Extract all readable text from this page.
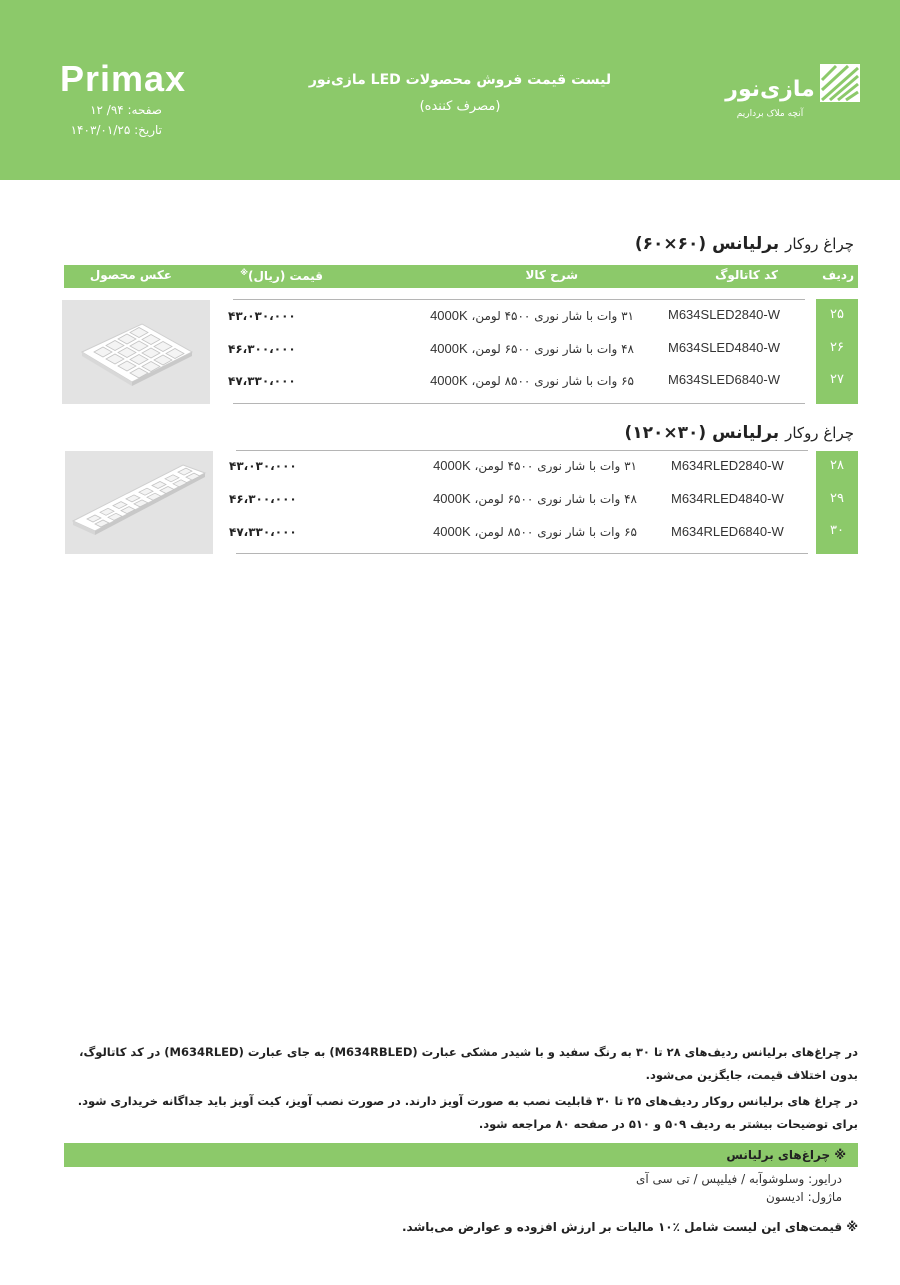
Primax
صفحه: ۹۴/ ۱۲
تاریخ: ۱۴۰۳/۰۱/۲۵
لیست قیمت فروش محصولات LED مازی‌نور
(مصرف کننده)
مازی‌نور
آنچه ملاک برداریم
چراغ روکار برلیانس (۶۰×۶۰)
ردیف
کد کاتالوگ
شرح کالا
قیمت (ریال)※
عکس محصول
۲۵
۲۶
۲۷
M634SLED2840-W
۳۱ وات با شار نوری ۴۵۰۰ لومن، 4000K
۴۳،۰۳۰،۰۰۰
M634SLED4840-W
۴۸ وات با شار نوری ۶۵۰۰ لومن، 4000K
۴۶،۳۰۰،۰۰۰
M634SLED6840-W
۶۵ وات با شار نوری ۸۵۰۰ لومن، 4000K
۴۷،۳۳۰،۰۰۰
چراغ روکار برلیانس (۳۰×۱۲۰)
۲۸
۲۹
۳۰
M634RLED2840-W
۳۱ وات با شار نوری ۴۵۰۰ لومن، 4000K
۴۳،۰۳۰،۰۰۰
M634RLED4840-W
۴۸ وات با شار نوری ۶۵۰۰ لومن، 4000K
۴۶،۳۰۰،۰۰۰
M634RLED6840-W
۶۵ وات با شار نوری ۸۵۰۰ لومن، 4000K
۴۷،۳۳۰،۰۰۰
در چراغ‌های برلیانس ردیف‌های ۲۸ تا ۳۰ به رنگ سفید و با شیدر مشکی عبارت (M634RBLED) به جای عبارت (M634RLED) در کد کاتالوگ، بدون اختلاف قیمت، جایگزین می‌شود.
در چراغ های برلیانس روکار ردیف‌های ۲۵ تا ۳۰ قابلیت نصب به صورت آویز دارند. در صورت نصب آویز، کیت آویز باید جداگانه خریداری شود. برای توضیحات بیشتر به ردیف ۵۰۹ و ۵۱۰ در صفحه ۸۰ مراجعه شود.
※ چراغ‌های برلیانس
درایور: وسلوشوآبه / فیلیپس / تی سی آی
ماژول: ادیسون
※ قیمت‌های این لیست شامل ٪۱۰ مالیات بر ارزش افزوده و عوارض می‌باشد.
